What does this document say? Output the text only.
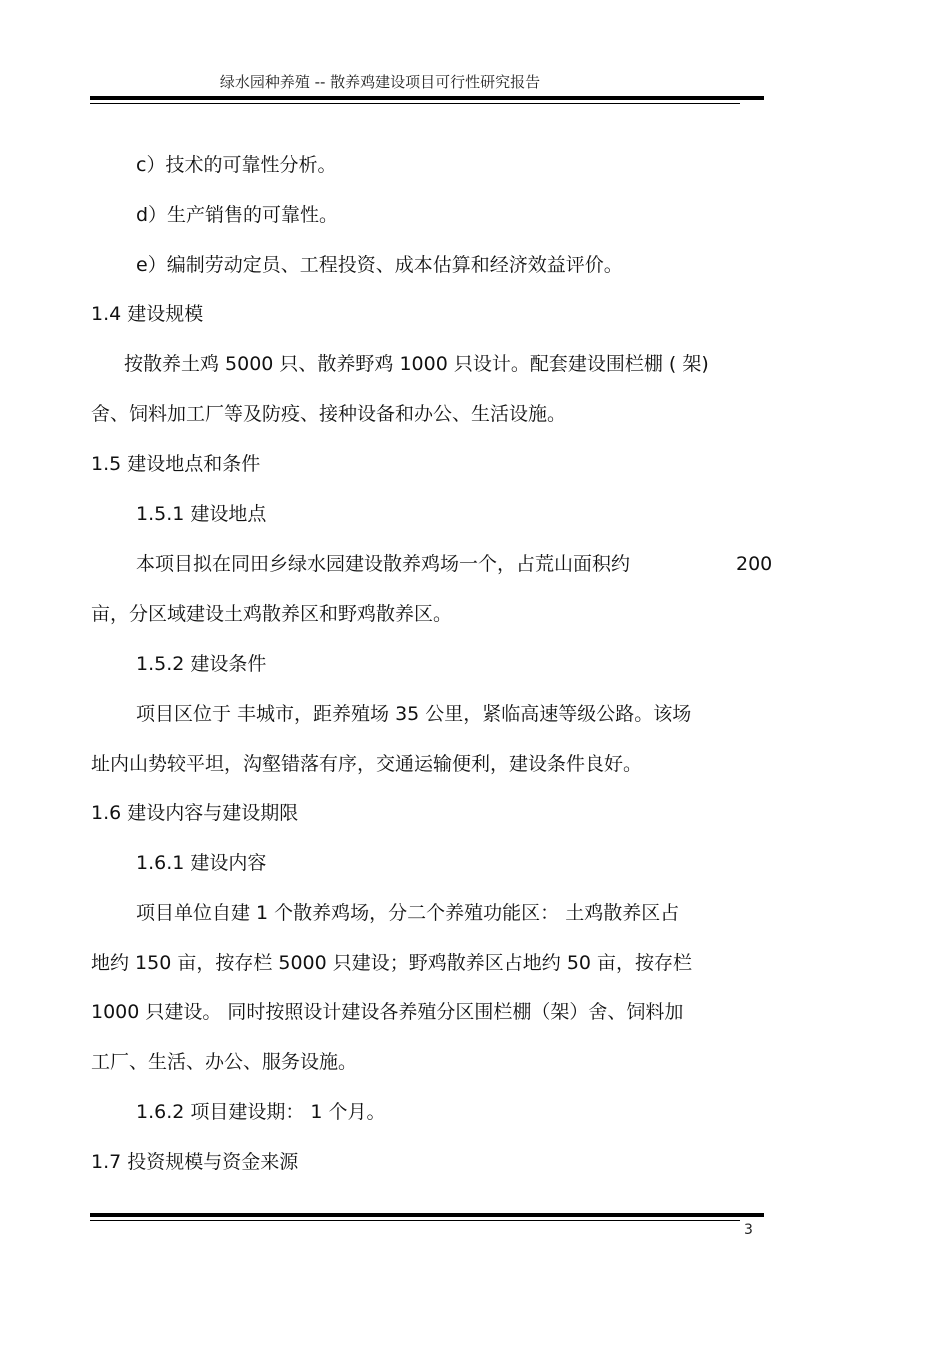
绿水园种养殖 -- 散养鸡建设项目可行性研究报告
c）技术的可靠性分析。
d）生产销售的可靠性。
e）编制劳动定员、工程投资、成本估算和经济效益评价。
1.4 建设规模
按散养土鸡 5000 只、散养野鸡 1000 只设计。配套建设围栏棚 ( 架)
舍、饲料加工厂等及防疫、接种设备和办公、生活设施。
1.5 建设地点和条件
1.5.1 建设地点
本项目拟在同田乡绿水园建设散养鸡场一个，占荒山面积约	200
亩，分区域建设土鸡散养区和野鸡散养区。
1.5.2 建设条件
项目区位于 丰城市，距养殖场 35 公里，紧临高速等级公路。该场
址内山势较平坦，沟壑错落有序，交通运输便利，建设条件良好。
1.6 建设内容与建设期限
1.6.1 建设内容
项目单位自建 1 个散养鸡场，分二个养殖功能区： 土鸡散养区占
地约 150 亩，按存栏 5000 只建设；野鸡散养区占地约 50 亩，按存栏
1000 只建设。 同时按照设计建设各养殖分区围栏棚（架）舍、饲料加
工厂、生活、办公、服务设施。
1.6.2 项目建设期： 1 个月。
1.7 投资规模与资金来源
3
